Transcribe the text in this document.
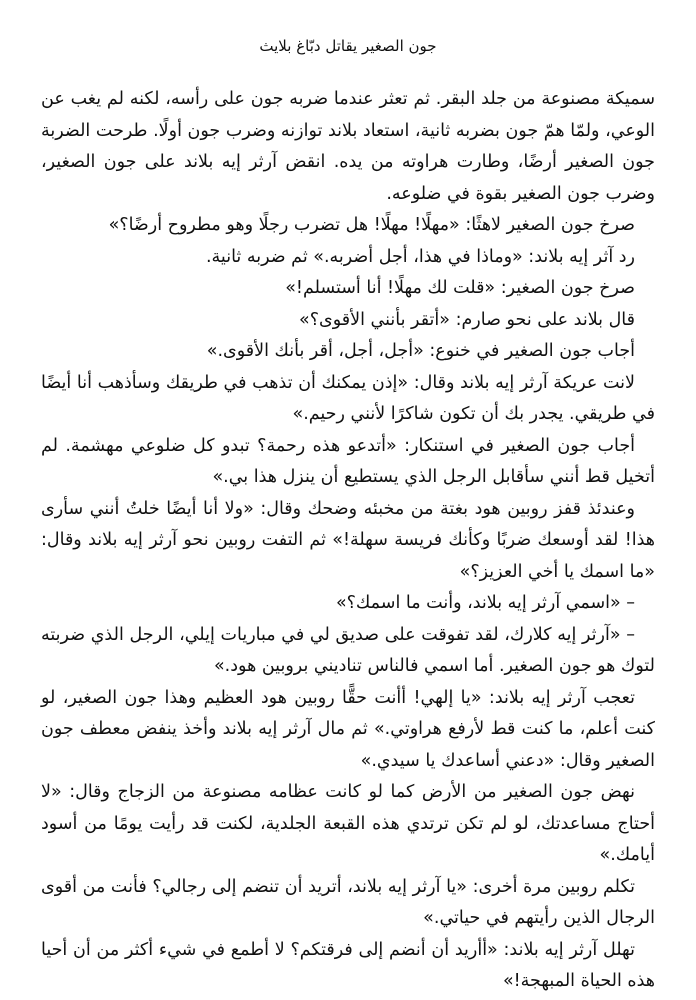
جون الصغير يقاتل دبّاغ بلايث

سميكة مصنوعة من جلد البقر. ثم تعثر عندما ضربه جون على رأسه، لكنه لم يغب عن الوعي، ولمّا همّ جون بضربه ثانية، استعاد بلاند توازنه وضرب جون أولًا. طرحت الضربة جون الصغير أرضًا، وطارت هراوته من يده. انقض آرثر إيه بلاند على جون الصغير، وضرب جون الصغير بقوة في ضلوعه.

صرخ جون الصغير لاهثًا: «مهلًا! مهلًا! هل تضرب رجلًا وهو مطروح أرضًا؟»

رد آثر إيه بلاند: «وماذا في هذا، أجل أضربه.» ثم ضربه ثانية.

صرخ جون الصغير: «قلت لك مهلًا! أنا أستسلم!»

قال بلاند على نحو صارم: «أتقر بأنني الأقوى؟»

أجاب جون الصغير في خنوع: «أجل، أجل، أقر بأنك الأقوى.»

لانت عريكة آرثر إيه بلاند وقال: «إذن يمكنك أن تذهب في طريقك وسأذهب أنا أيضًا في طريقي. يجدر بك أن تكون شاكرًا لأنني رحيم.»

أجاب جون الصغير في استنكار: «أتدعو هذه رحمة؟ تبدو كل ضلوعي مهشمة. لم أتخيل قط أنني سأقابل الرجل الذي يستطيع أن ينزل هذا بي.»

وعندئذ قفز روبين هود بغتة من مخبئه وضحك وقال: «ولا أنا أيضًا خلتُ أنني سأرى هذا! لقد أوسعك ضربًا وكأنك فريسة سهلة!» ثم التفت روبين نحو آرثر إيه بلاند وقال: «ما اسمك يا أخي العزيز؟»

– «اسمي آرثر إيه بلاند، وأنت ما اسمك؟»

– «آرثر إيه كلارك، لقد تفوقت على صديق لي في مباريات إيلي، الرجل الذي ضربته لتوك هو جون الصغير. أما اسمي فالناس تناديني بروبين هود.»

تعجب آرثر إيه بلاند: «يا إلهي! أأنت حقًّا روبين هود العظيم وهذا جون الصغير، لو كنت أعلم، ما كنت قط لأرفع هراوتي.» ثم مال آرثر إيه بلاند وأخذ ينفض معطف جون الصغير وقال: «دعني أساعدك يا سيدي.»

نهض جون الصغير من الأرض كما لو كانت عظامه مصنوعة من الزجاج وقال: «لا أحتاج مساعدتك، لو لم تكن ترتدي هذه القبعة الجلدية، لكنت قد رأيت يومًا من أسود أيامك.»

تكلم روبين مرة أخرى: «يا آرثر إيه بلاند، أتريد أن تنضم إلى رجالي؟ فأنت من أقوى الرجال الذين رأيتهم في حياتي.»

تهلل آرثر إيه بلاند: «أأريد أن أنضم إلى فرقتكم؟ لا أطمع في شيء أكثر من أن أحيا هذه الحياة المبهجة!»
